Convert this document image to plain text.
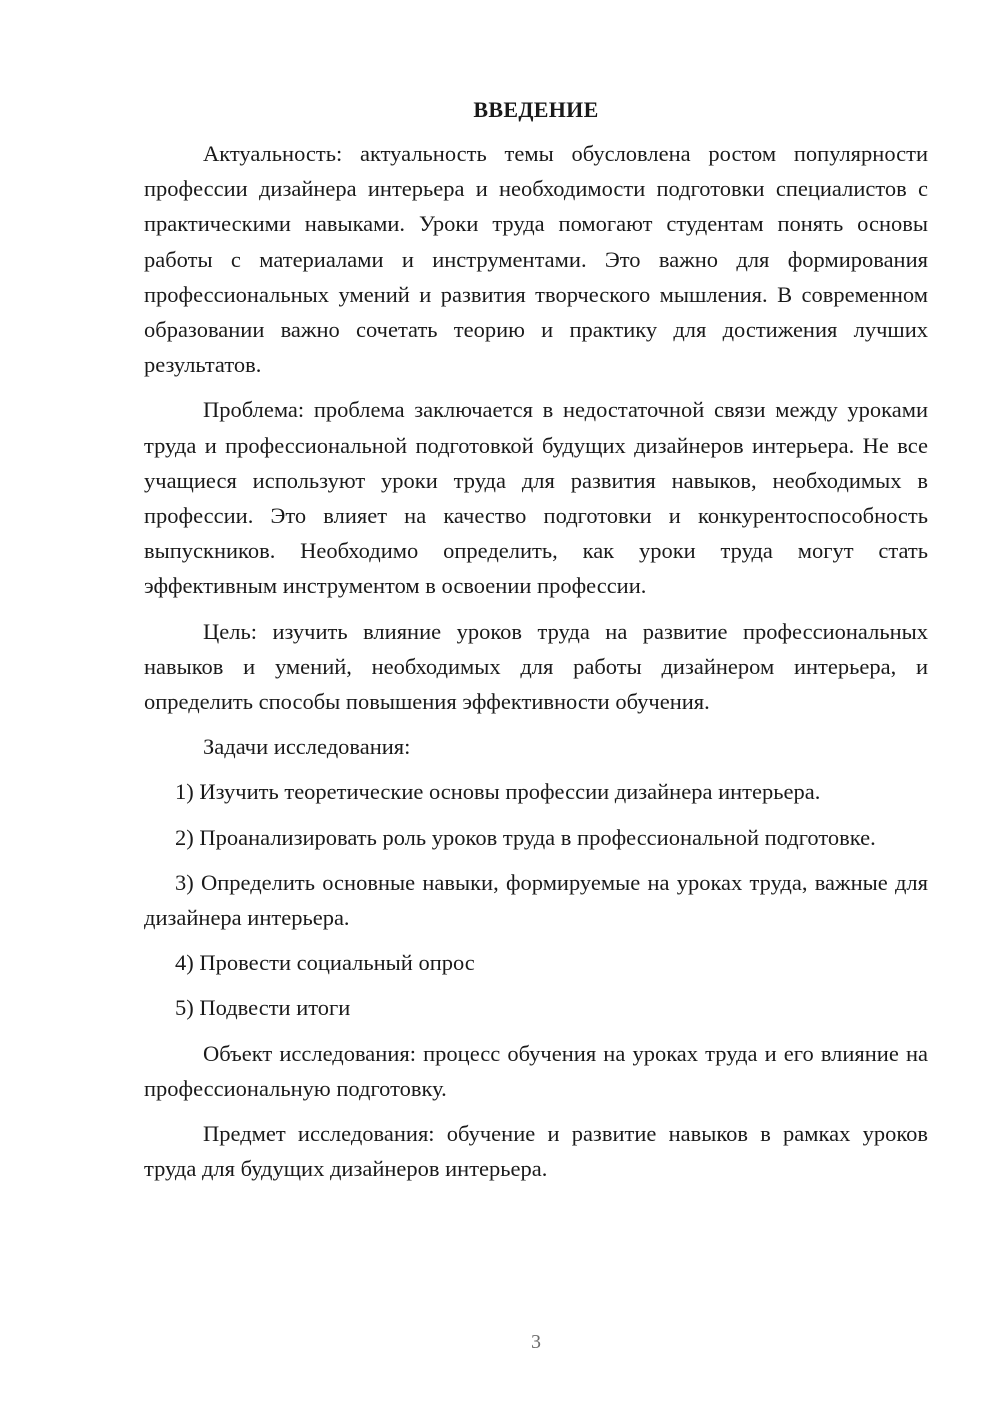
ВВЕДЕНИЕ

Актуальность: актуальность темы обусловлена ростом популярности профессии дизайнера интерьера и необходимости подготовки специалистов с практическими навыками. Уроки труда помогают студентам понять основы работы с материалами и инструментами. Это важно для формирования профессиональных умений и развития творческого мышления. В современном образовании важно сочетать теорию и практику для достижения лучших результатов.

Проблема: проблема заключается в недостаточной связи между уроками труда и профессиональной подготовкой будущих дизайнеров интерьера. Не все учащиеся используют уроки труда для развития навыков, необходимых в профессии. Это влияет на качество подготовки и конкурентоспособность выпускников. Необходимо определить, как уроки труда могут стать эффективным инструментом в освоении профессии.

Цель: изучить влияние уроков труда на развитие профессиональных навыков и умений, необходимых для работы дизайнером интерьера, и определить способы повышения эффективности обучения.

Задачи исследования:

1) Изучить теоретические основы профессии дизайнера интерьера.

2) Проанализировать роль уроков труда в профессиональной подготовке.

3) Определить основные навыки, формируемые на уроках труда, важные для дизайнера интерьера.

4) Провести социальный опрос

5) Подвести итоги

Объект исследования: процесс обучения на уроках труда и его влияние на профессиональную подготовку.

Предмет исследования: обучение и развитие навыков в рамках уроков труда для будущих дизайнеров интерьера.

3
